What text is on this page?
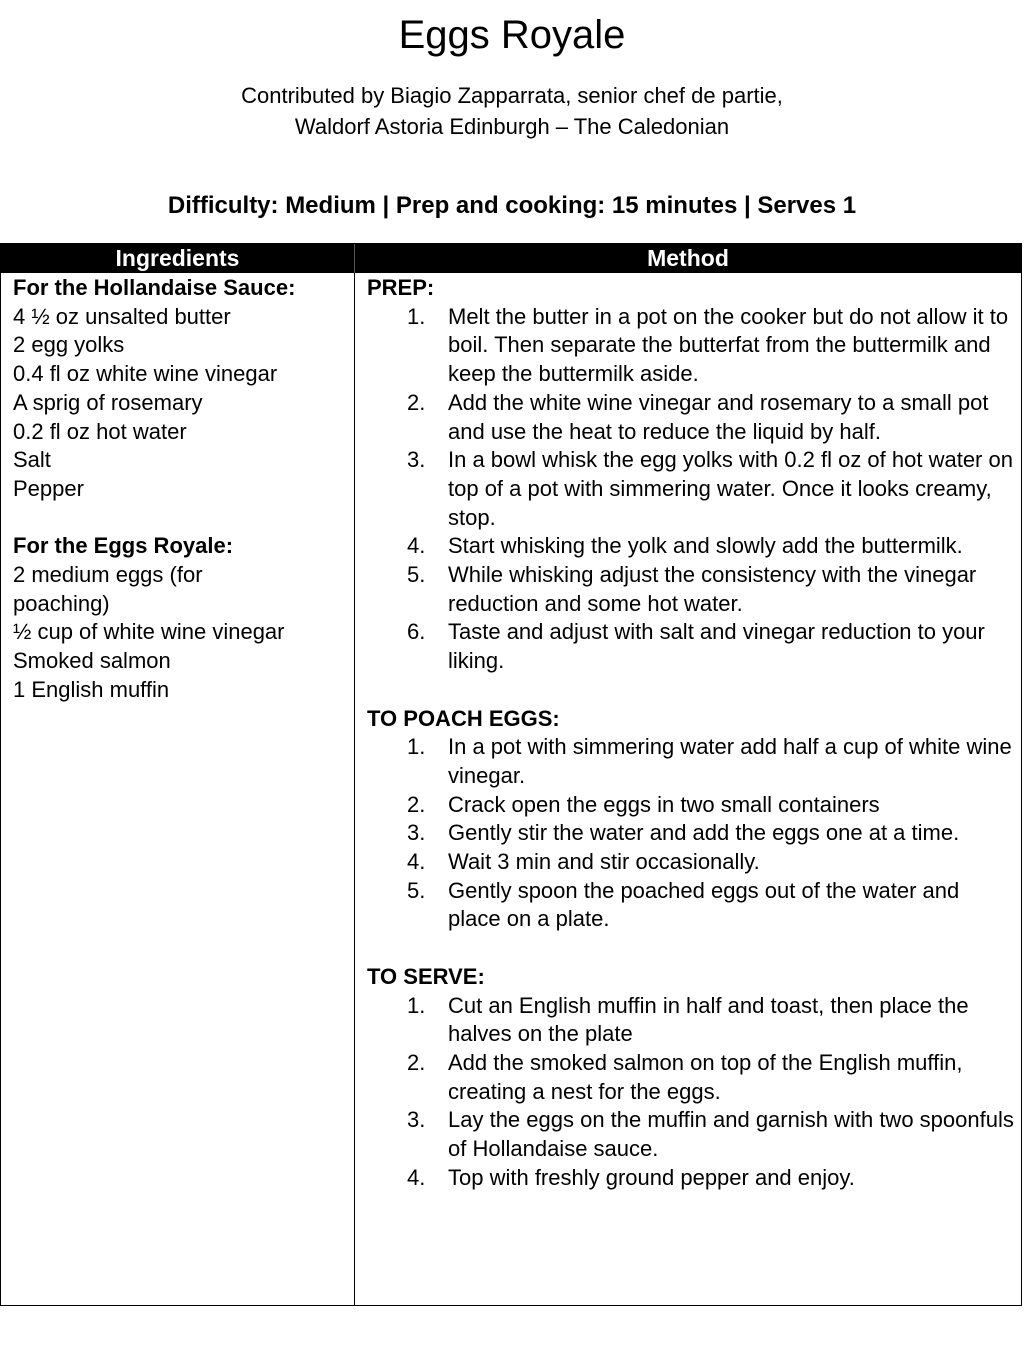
Eggs Royale
Contributed by Biagio Zapparrata, senior chef de partie,
Waldorf Astoria Edinburgh – The Caledonian
Difficulty: Medium | Prep and cooking: 15 minutes | Serves 1
Ingredients	Method
For the Hollandaise Sauce:
4 ½ oz unsalted butter
2 egg yolks
0.4 fl oz white wine vinegar
A sprig of rosemary
0.2 fl oz hot water
Salt
Pepper
For the Eggs Royale:
2 medium eggs (for poaching)
½ cup of white wine vinegar
Smoked salmon
1 English muffin
PREP:
1. Melt the butter in a pot on the cooker but do not allow it to boil. Then separate the butterfat from the buttermilk and keep the buttermilk aside.
2. Add the white wine vinegar and rosemary to a small pot and use the heat to reduce the liquid by half.
3. In a bowl whisk the egg yolks with 0.2 fl oz of hot water on top of a pot with simmering water. Once it looks creamy, stop.
4. Start whisking the yolk and slowly add the buttermilk.
5. While whisking adjust the consistency with the vinegar reduction and some hot water.
6. Taste and adjust with salt and vinegar reduction to your liking.
TO POACH EGGS:
1. In a pot with simmering water add half a cup of white wine vinegar.
2. Crack open the eggs in two small containers
3. Gently stir the water and add the eggs one at a time.
4. Wait 3 min and stir occasionally.
5. Gently spoon the poached eggs out of the water and place on a plate.
TO SERVE:
1. Cut an English muffin in half and toast, then place the halves on the plate
2. Add the smoked salmon on top of the English muffin, creating a nest for the eggs.
3. Lay the eggs on the muffin and garnish with two spoonfuls of Hollandaise sauce.
4. Top with freshly ground pepper and enjoy.
